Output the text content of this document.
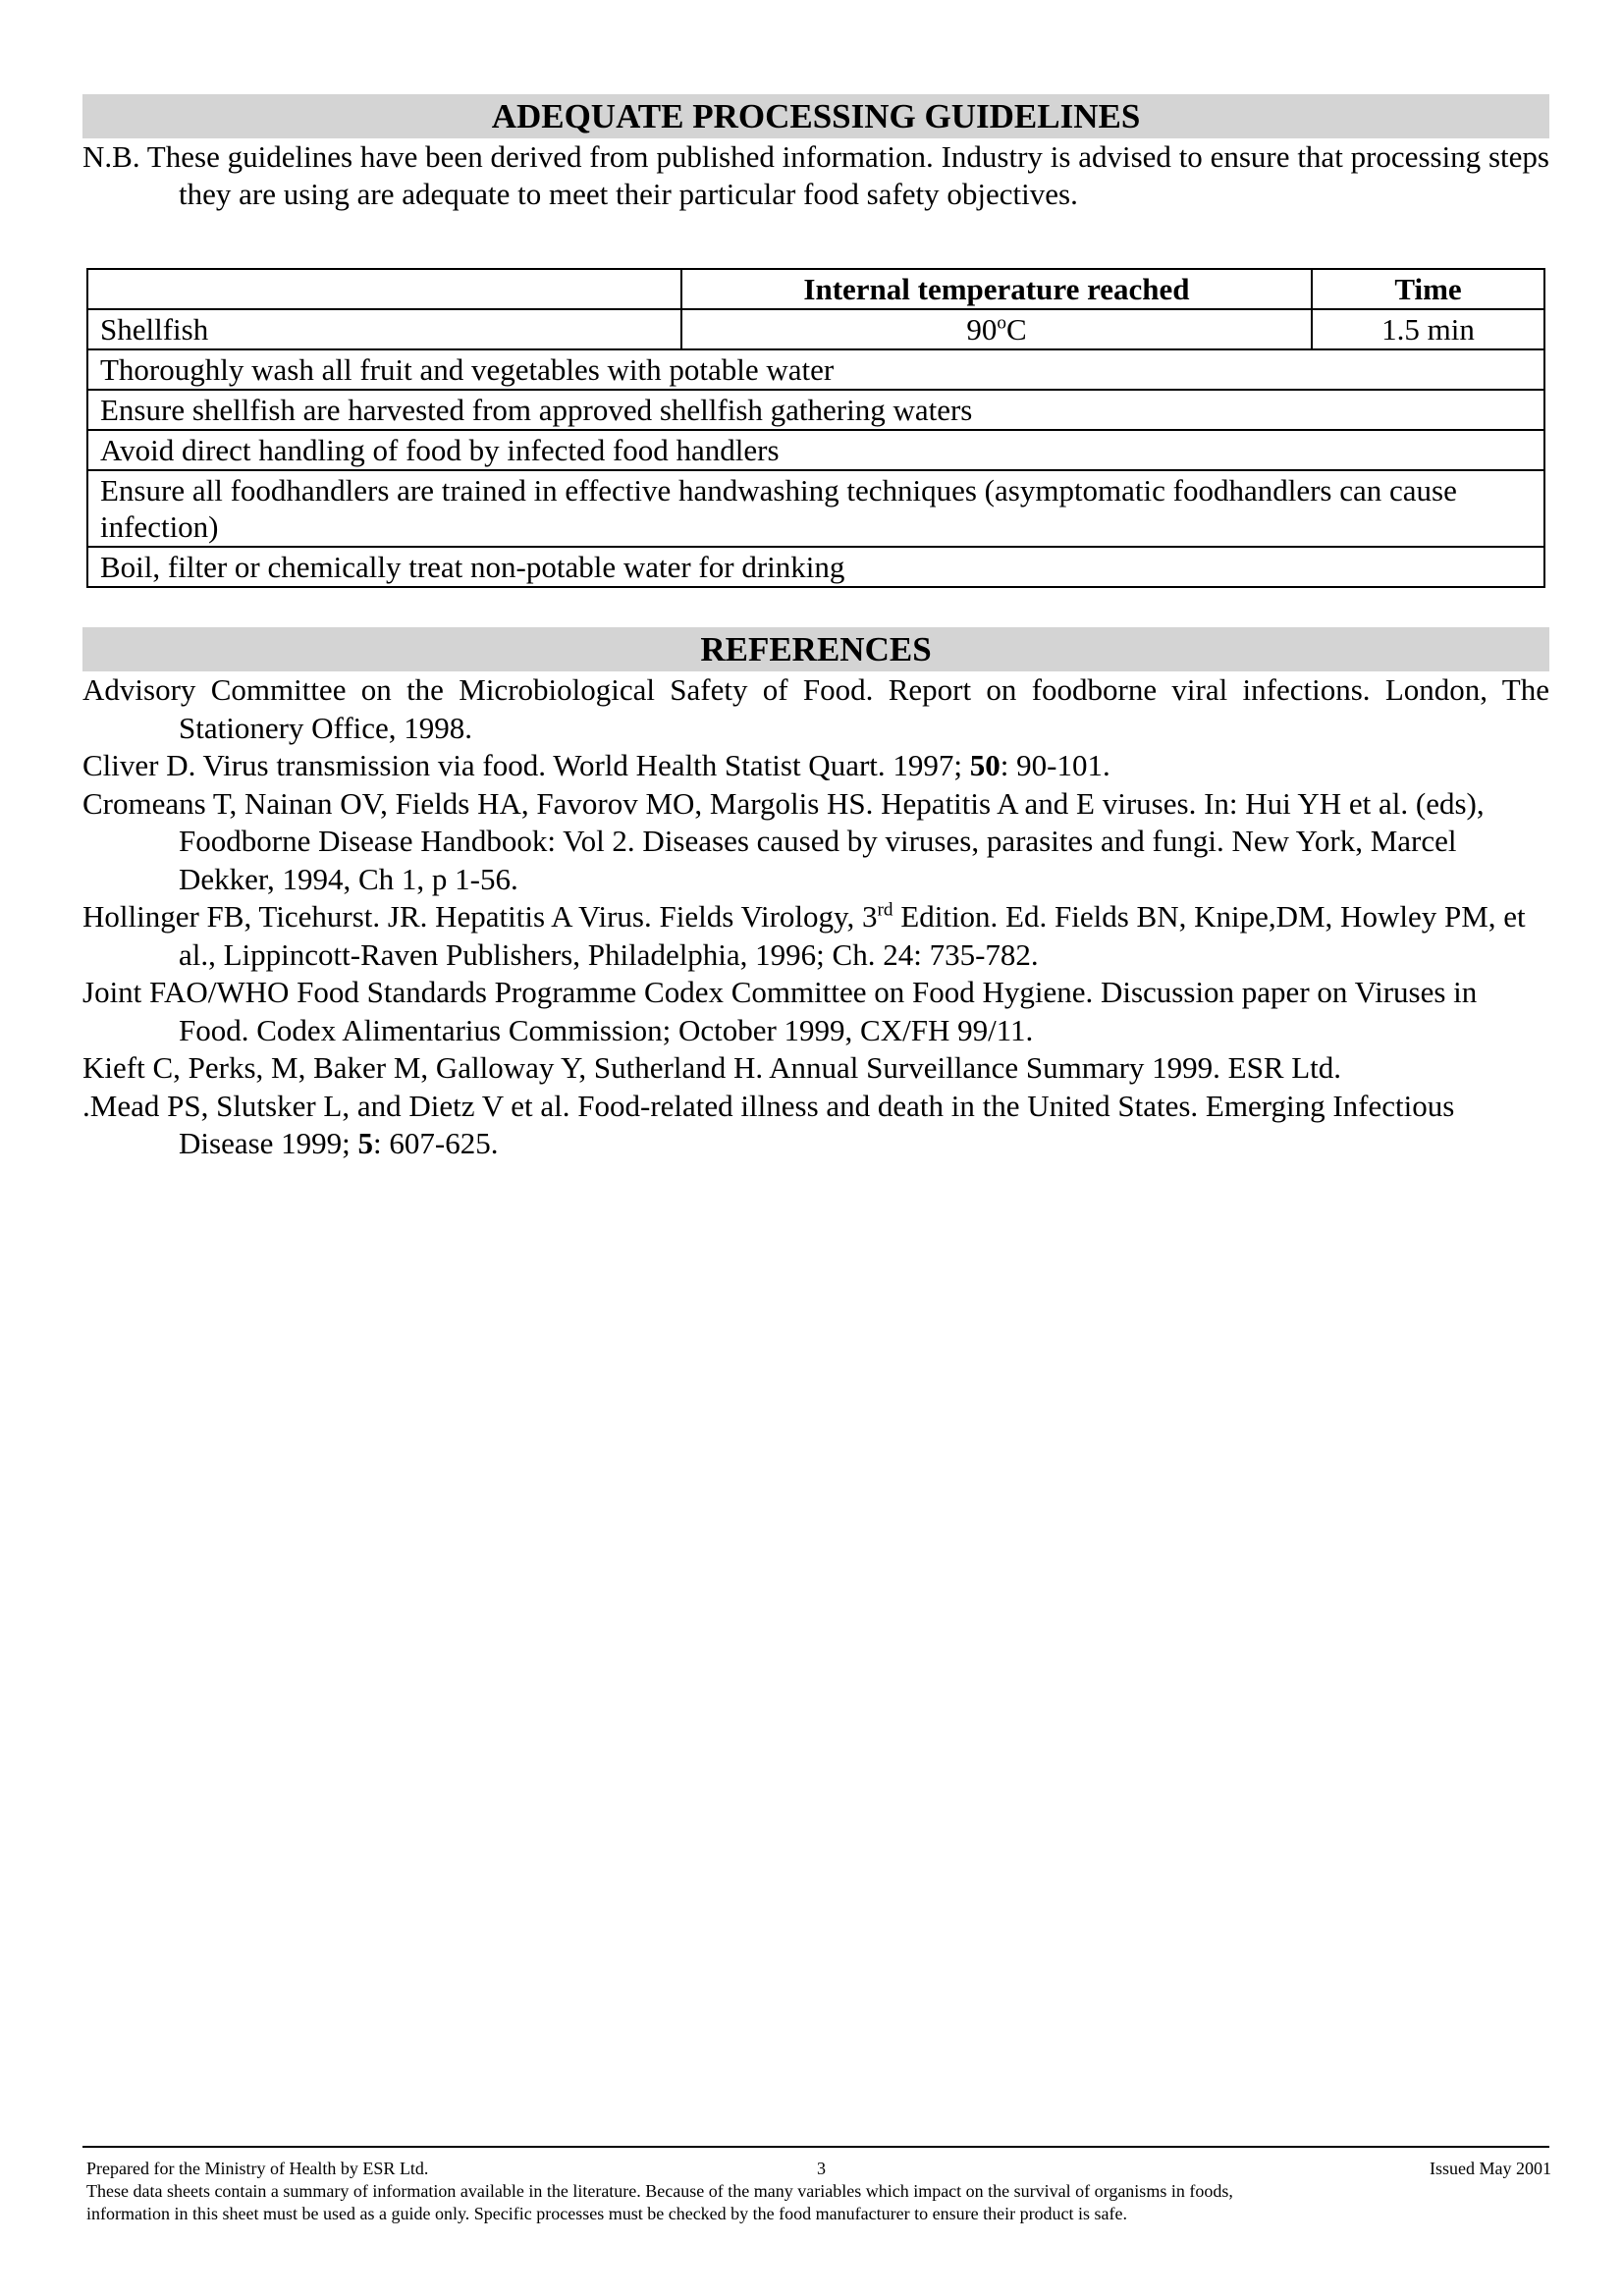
ADEQUATE PROCESSING GUIDELINES

N.B. These guidelines have been derived from published information. Industry is advised to ensure that processing steps they are using are adequate to meet their particular food safety objectives.

	Internal temperature reached	Time
Shellfish	90$^o$C	1.5 min
Thoroughly wash all fruit and vegetables with potable water		
Ensure shellfish are harvested from approved shellfish gathering waters		
Avoid direct handling of food by infected food handlers		
Ensure all foodhandlers are trained in effective handwashing techniques (asymptomatic foodhandlers can cause infection)		
Boil, filter or chemically treat non-potable water for drinking		
REFERENCES

Advisory Committee on the Microbiological Safety of Food. Report on foodborne viral infections. London, The Stationery Office, 1998.

Cliver D. Virus transmission via food. World Health Statist Quart. 1997; 50: 90-101.

Cromeans T, Nainan OV, Fields HA, Favorov MO, Margolis HS. Hepatitis A and E viruses. In: Hui YH et al. (eds), Foodborne Disease Handbook: Vol 2. Diseases caused by viruses, parasites and fungi. New York, Marcel Dekker, 1994, Ch 1, p 1-56.

Hollinger FB, Ticehurst. JR. Hepatitis A Virus. Fields Virology, 3rd Edition. Ed. Fields BN, Knipe,DM, Howley PM, et al., Lippincott-Raven Publishers, Philadelphia, 1996; Ch. 24: 735-782.

Joint FAO/WHO Food Standards Programme Codex Committee on Food Hygiene. Discussion paper on Viruses in Food. Codex Alimentarius Commission; October 1999, CX/FH 99/11.

Kieft C, Perks, M, Baker M, Galloway Y, Sutherland H. Annual Surveillance Summary 1999. ESR Ltd.

.Mead PS, Slutsker L, and Dietz V et al. Food-related illness and death in the United States. Emerging Infectious Disease 1999; 5: 607-625.

Prepared for the Ministry of Health by ESR Ltd.	3	Issued May 2001

These data sheets contain a summary of information available in the literature. Because of the many variables which impact on the survival of organisms in foods,

information in this sheet must be used as a guide only. Specific processes must be checked by the food manufacturer to ensure their product is safe.
